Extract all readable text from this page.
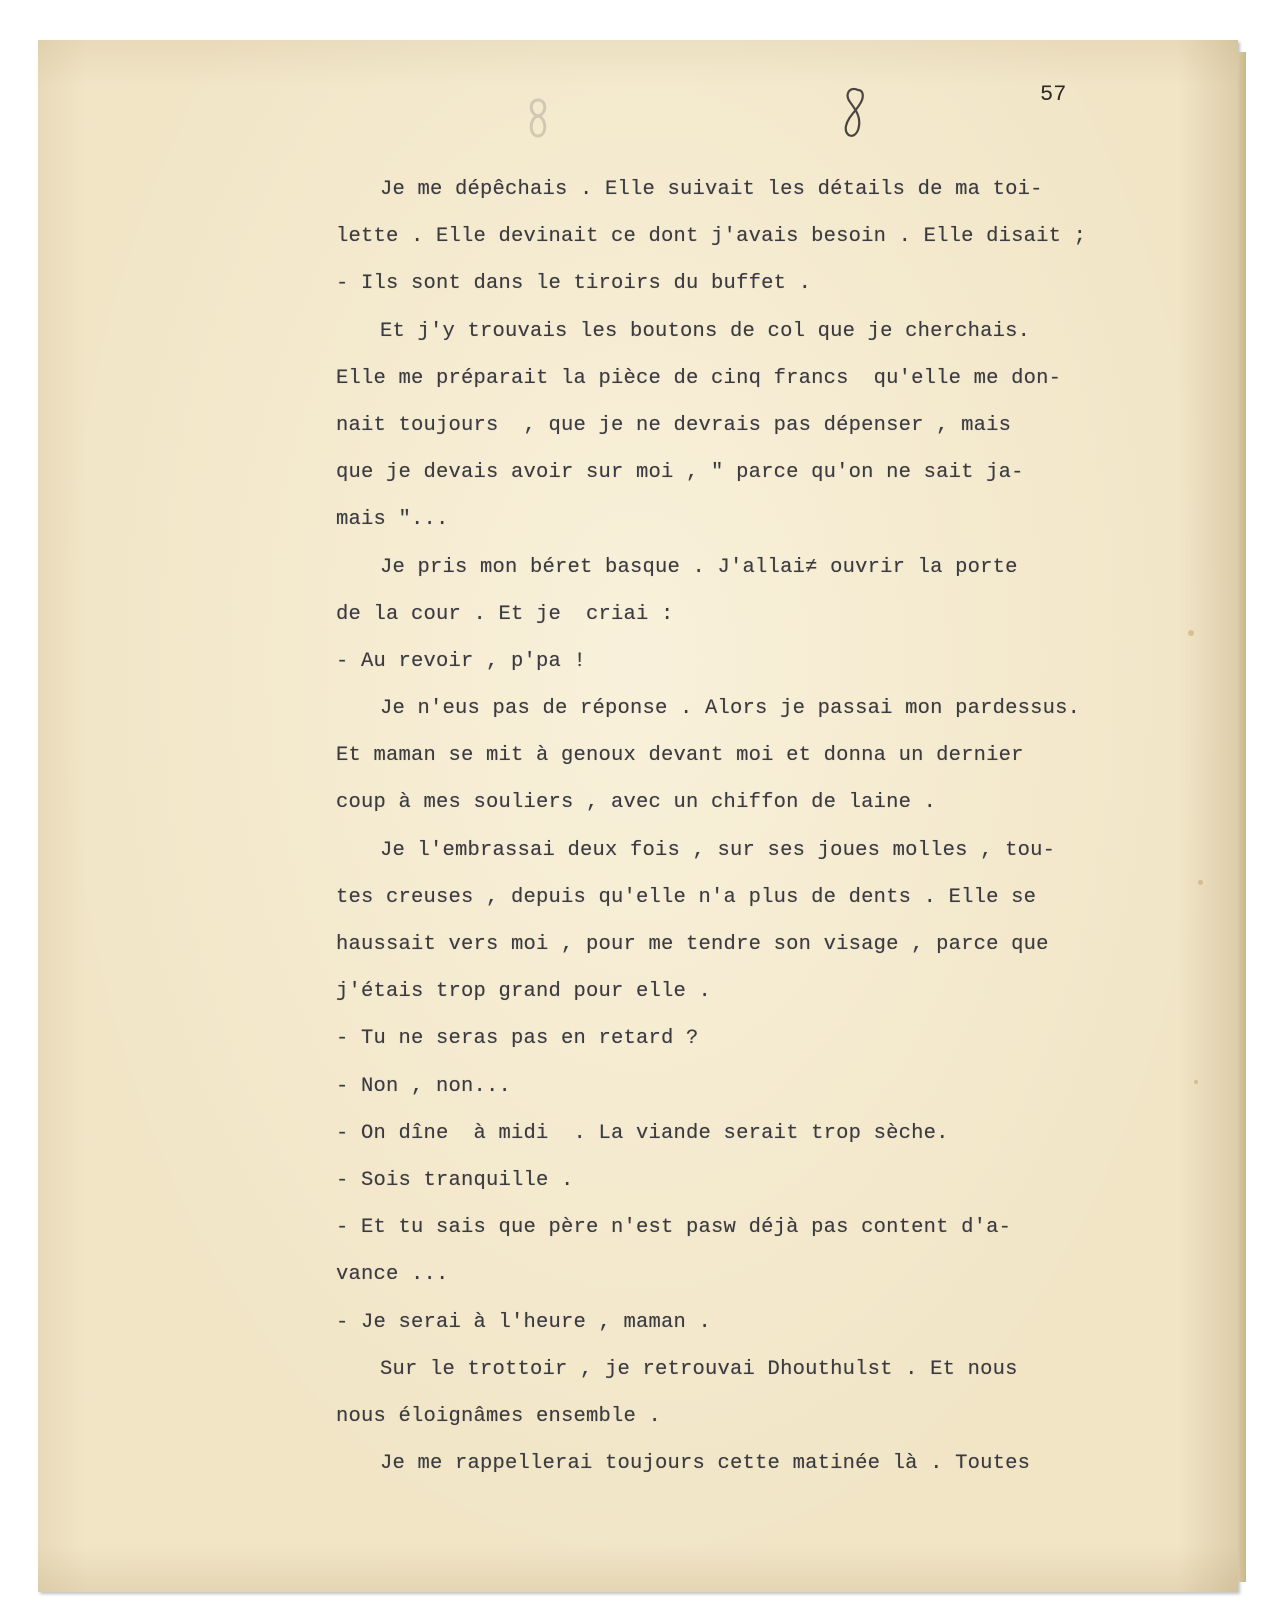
57
Je me dépêchais . Elle suivait les détails de ma toi-
lette . Elle devinait ce dont j'avais besoin . Elle disait ;
- Ils sont dans le tiroirs du buffet .
Et j'y trouvais les boutons de col que je cherchais.
Elle me préparait la pièce de cinq francs  qu'elle me don-
nait toujours  , que je ne devrais pas dépenser , mais
que je devais avoir sur moi , " parce qu'on ne sait ja-
mais "...
Je pris mon béret basque . J'allai≠ ouvrir la porte
de la cour . Et je  criai :
- Au revoir , p'pa !
Je n'eus pas de réponse . Alors je passai mon pardessus.
Et maman se mit à genoux devant moi et donna un dernier
coup à mes souliers , avec un chiffon de laine .
Je l'embrassai deux fois , sur ses joues molles , tou-
tes creuses , depuis qu'elle n'a plus de dents . Elle se
haussait vers moi , pour me tendre son visage , parce que
j'étais trop grand pour elle .
- Tu ne seras pas en retard ?
- Non , non...
- On dîne  à midi  . La viande serait trop sèche.
- Sois tranquille .
- Et tu sais que père n'est pasw déjà pas content d'a-
vance ...
- Je serai à l'heure , maman .
Sur le trottoir , je retrouvai Dhouthulst . Et nous
nous éloignâmes ensemble .
Je me rappellerai toujours cette matinée là . Toutes
